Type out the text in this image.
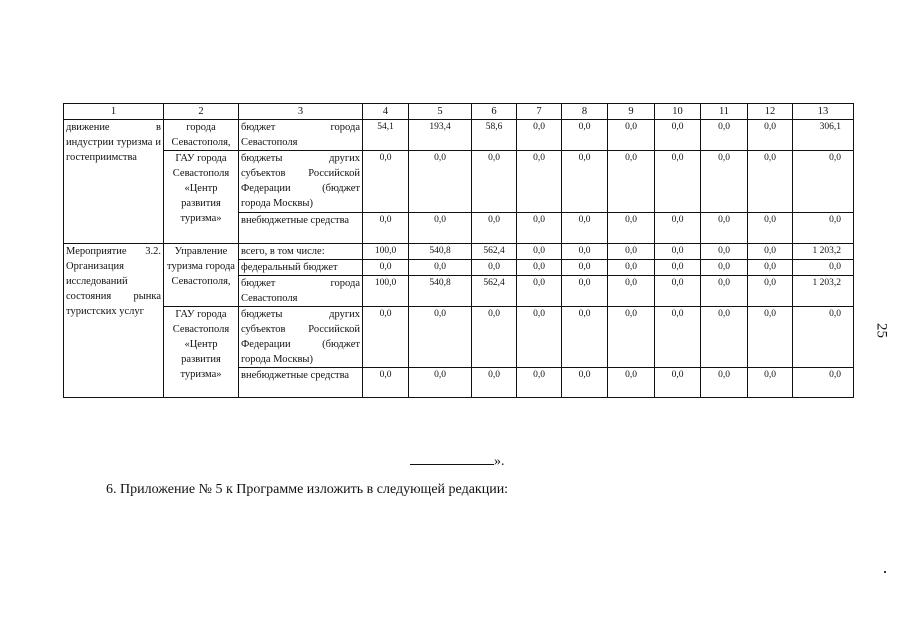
1	2	3	4	5	6	7	8	9	10	11	12	13
движение в индустрии туризма и гостеприимства	города Севастополя,	бюджет города Севастополя	54,1	193,4	58,6	0,0	0,0	0,0	0,0	0,0	0,0	306,1
	ГАУ города Севастополя «Центр развития туризма»	бюджеты других субъектов Российской Федерации (бюджет города Москвы)	0,0	0,0	0,0	0,0	0,0	0,0	0,0	0,0	0,0	0,0
		внебюджетные средства	0,0	0,0	0,0	0,0	0,0	0,0	0,0	0,0	0,0	0,0
Мероприятие 3.2. Организация исследований состояния рынка туристских услуг	Управление туризма города Севастополя,	всего, в том числе:	100,0	540,8	562,4	0,0	0,0	0,0	0,0	0,0	0,0	1 203,2
		федеральный бюджет	0,0	0,0	0,0	0,0	0,0	0,0	0,0	0,0	0,0	0,0
		бюджет города Севастополя	100,0	540,8	562,4	0,0	0,0	0,0	0,0	0,0	0,0	1 203,2
	ГАУ города Севастополя «Центр развития туризма»	бюджеты других субъектов Российской Федерации (бюджет города Москвы)	0,0	0,0	0,0	0,0	0,0	0,0	0,0	0,0	0,0	0,0
		внебюджетные средства	0,0	0,0	0,0	0,0	0,0	0,0	0,0	0,0	0,0	0,0
25
».
6. Приложение № 5 к Программе изложить в следующей редакции:
